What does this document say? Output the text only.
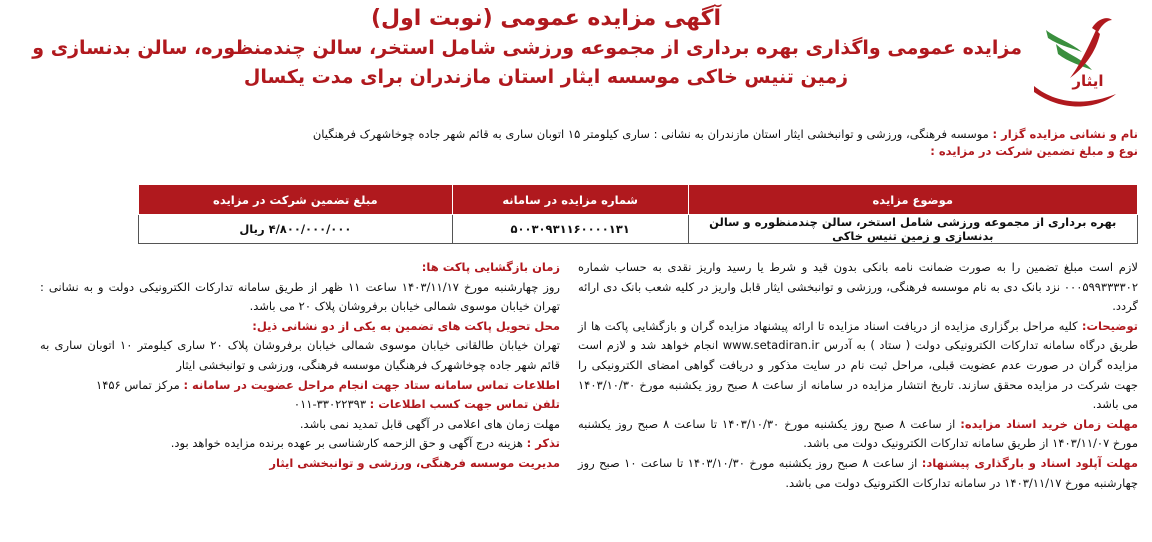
ایثار
آگهی مزایده عمومی (نوبت اول)
مزایده عمومی واگذاری بهره برداری از مجموعه ورزشی شامل استخر، سالن چندمنظوره، سالن بدنسازی و
زمین تنیس خاکی موسسه ایثار استان مازندران برای مدت یکسال
نام و نشانی مزایده گزار : موسسه فرهنگی، ورزشی و توانبخشی ایثار استان مازندران به نشانی : ساری کیلومتر ۱۵ اتوبان ساری به قائم شهر جاده چوخاشهرک فرهنگیان
نوع و مبلغ تضمین شرکت در مزایده :
موضوع مزایده	شماره مزایده در سامانه	مبلغ تضمین شرکت در مزایده
بهره برداری از مجموعه ورزشی شامل استخر، سالن چندمنظوره و سالن بدنسازی و زمین تنیس خاکی	۵۰۰۳۰۹۳۱۱۶۰۰۰۰۱۳۱	۴/۸۰۰/۰۰۰/۰۰۰ ریال

لازم است مبلغ تضمین را به صورت ضمانت نامه بانکی بدون قید و شرط یا رسید واریز نقدی به حساب شماره ۰۰۰۵۹۹۳۳۳۳۰۲ نزد بانک دی به نام موسسه فرهنگی، ورزشی و توانبخشی ایثار قابل واریز در کلیه شعب بانک دی ارائه گردد.

توضیحات: کلیه مراحل برگزاری مزایده از دریافت اسناد مزایده تا ارائه پیشنهاد مزایده گران و بازگشایی پاکت ها از طریق درگاه سامانه تدارکات الکترونیکی دولت ( ستاد ) به آدرس www.setadiran.ir انجام خواهد شد و لازم است مزایده گران در صورت عدم عضویت قبلی، مراحل ثبت نام در سایت مذکور و دریافت گواهی امضای الکترونیکی را جهت شرکت در مزایده محقق سازند. تاریخ انتشار مزایده در سامانه از ساعت ۸ صبح روز یکشنبه مورخ ۱۴۰۳/۱۰/۳۰ می باشد.

مهلت زمان خرید اسناد مزایده: از ساعت ۸ صبح روز یکشنبه مورخ ۱۴۰۳/۱۰/۳۰ تا ساعت ۸ صبح روز یکشنبه مورخ ۱۴۰۳/۱۱/۰۷ از طریق سامانه تدارکات الکترونیک دولت می باشد.

مهلت آپلود اسناد و بارگذاری پیشنهاد: از ساعت ۸ صبح روز یکشنبه مورخ ۱۴۰۳/۱۰/۳۰ تا ساعت ۱۰ صبح روز چهارشنبه مورخ ۱۴۰۳/۱۱/۱۷ در سامانه تدارکات الکترونیک دولت می باشد.

زمان بازگشایی پاکت ها:

روز چهارشنبه مورخ ۱۴۰۳/۱۱/۱۷ ساعت ۱۱ ظهر از طریق سامانه تدارکات الکترونیکی دولت و به نشانی : تهران خیابان موسوی شمالی خیابان برفروشان پلاک ۲۰ می باشد.

محل تحویل پاکت های تضمین به یکی از دو نشانی ذیل:

تهران خیابان طالقانی خیابان موسوی شمالی خیابان برفروشان پلاک ۲۰ ساری کیلومتر ۱۰ اتوبان ساری به قائم شهر جاده چوخاشهرک فرهنگیان موسسه فرهنگی، ورزشی و توانبخشی ایثار

اطلاعات تماس سامانه ستاد جهت انجام مراحل عضویت در سامانه : مرکز تماس ۱۴۵۶

تلفن تماس جهت کسب اطلاعات : ۳۳۰۲۲۳۹۳-۰۱۱

مهلت زمان های اعلامی در آگهی قابل تمدید نمی باشد.

تذکر : هزینه درج آگهی و حق الزحمه کارشناسی بر عهده برنده مزایده خواهد بود.

مدیریت موسسه فرهنگی، ورزشی و توانبخشی ایثار
